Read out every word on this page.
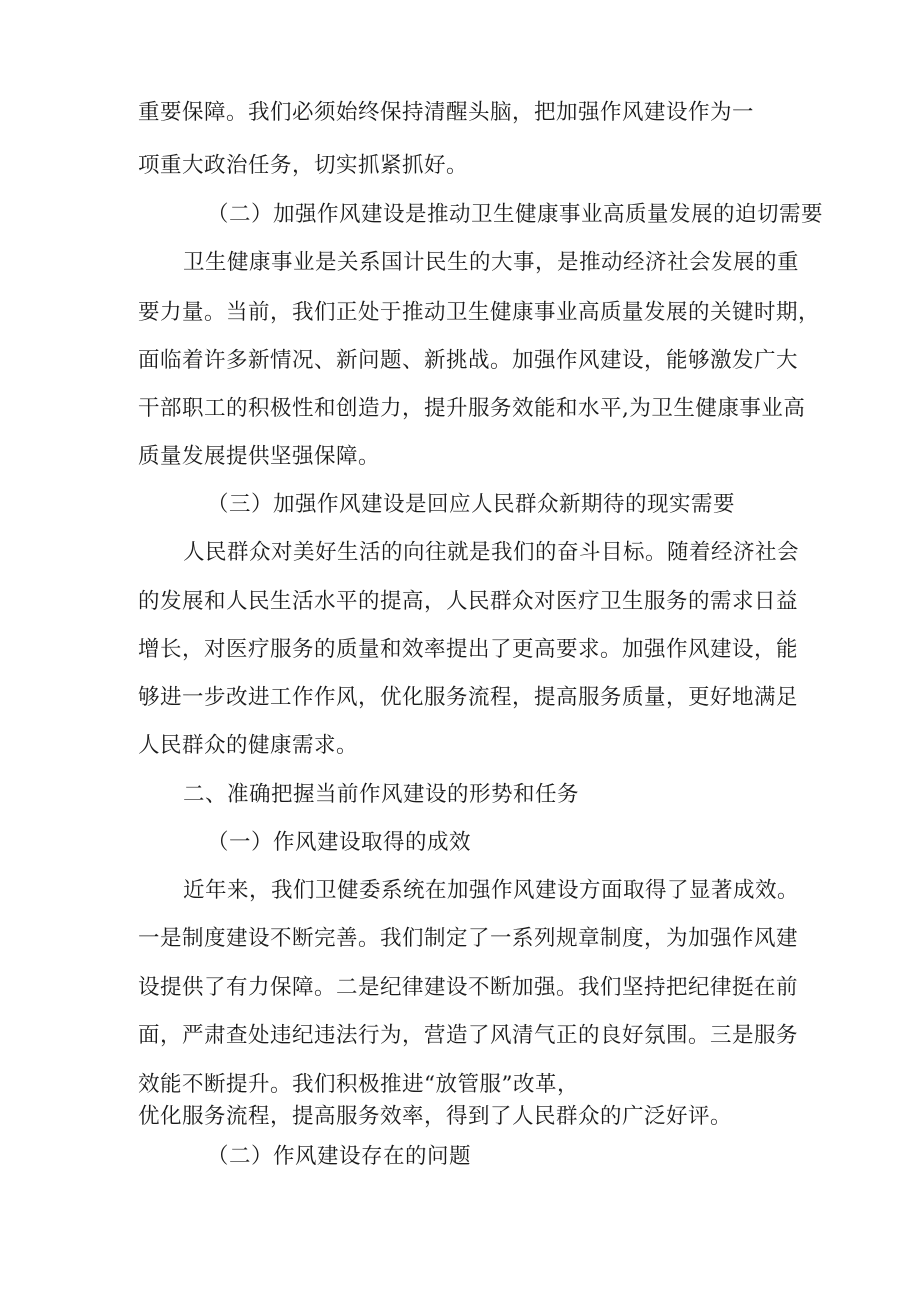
重要保障。我们必须始终保持清醒头脑，把加强作风建设作为一
项重大政治任务，切实抓紧抓好。
（二）加强作风建设是推动卫生健康事业高质量发展的迫切需要
卫生健康事业是关系国计民生的大事，是推动经济社会发展的重
要力量。当前，我们正处于推动卫生健康事业高质量发展的关键时期，
面临着许多新情况、新问题、新挑战。加强作风建设，能够激发广大
干部职工的积极性和创造力，提升服务效能和水平,为卫生健康事业高
质量发展提供坚强保障。
（三）加强作风建设是回应人民群众新期待的现实需要
人民群众对美好生活的向往就是我们的奋斗目标。随着经济社会
的发展和人民生活水平的提高，人民群众对医疗卫生服务的需求日益
增长，对医疗服务的质量和效率提出了更高要求。加强作风建设，能
够进一步改进工作作风，优化服务流程，提高服务质量，更好地满足
人民群众的健康需求。
二、准确把握当前作风建设的形势和任务
（一）作风建设取得的成效
近年来，我们卫健委系统在加强作风建设方面取得了显著成效。
一是制度建设不断完善。我们制定了一系列规章制度，为加强作风建
设提供了有力保障。二是纪律建设不断加强。我们坚持把纪律挺在前
面，严肃查处违纪违法行为，营造了风清气正的良好氛围。三是服务
效能不断提升。我们积极推进“放管服”改革，
优化服务流程，提高服务效率，得到了人民群众的广泛好评。
（二）作风建设存在的问题
